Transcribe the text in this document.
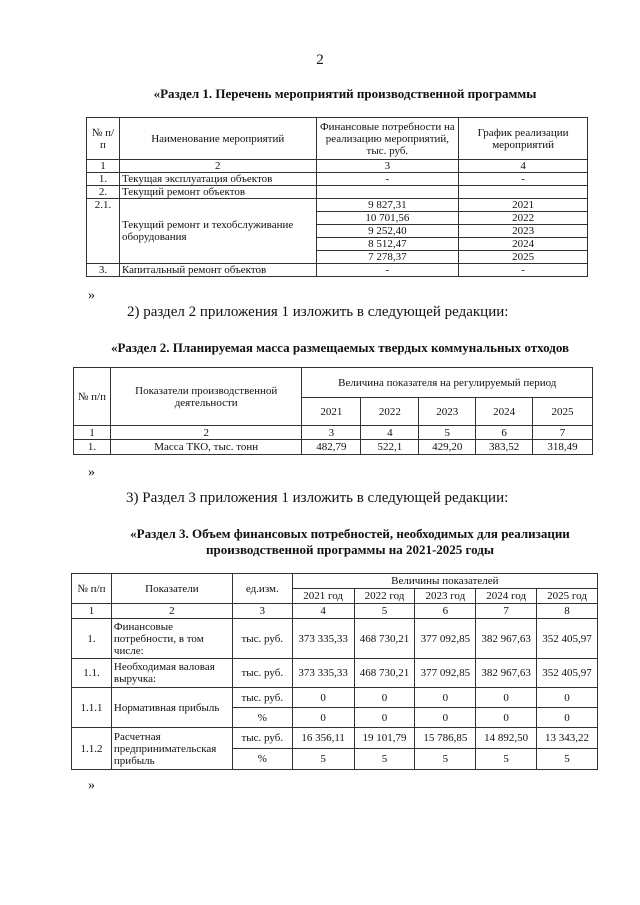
2
«Раздел 1. Перечень мероприятий производственной программы
№ п/п	Наименование мероприятий	Финансовые потребности на реализацию мероприятий, тыс. руб.	График реализации мероприятий
1	2	3	4
1.	Текущая эксплуатация объектов	-	-
2.	Текущий ремонт объектов		
2.1.	Текущий ремонт и техобслуживание оборудования	9 827,31	2021
		10 701,56	2022
		9 252,40	2023
		8 512,47	2024
		7 278,37	2025
3.	Капитальный ремонт объектов	-	-
»
2) раздел 2 приложения 1 изложить в следующей редакции:
«Раздел 2. Планируемая масса размещаемых твердых коммунальных отходов
№ п/п	Показатели производственной деятельности	Величина показателя на регулируемый период				
		2021	2022	2023	2024	2025
1	2	3	4	5	6	7
1.	Масса ТКО, тыс. тонн	482,79	522,1	429,20	383,52	318,49
»
3) Раздел 3 приложения 1 изложить в следующей редакции:
«Раздел 3. Объем финансовых потребностей, необходимых для реализации
производственной программы на 2021-2025 годы
№ п/п	Показатели	ед.изм.	Величины показателей				
			2021 год	2022 год	2023 год	2024 год	2025 год
1	2	3	4	5	6	7	8
1.	Финансовые потребности, в том числе:	тыс. руб.	373 335,33	468 730,21	377 092,85	382 967,63	352 405,97
1.1.	Необходимая валовая выручка:	тыс. руб.	373 335,33	468 730,21	377 092,85	382 967,63	352 405,97
1.1.1	Нормативная прибыль	тыс. руб.	0	0	0	0	0
		%	0	0	0	0	0
1.1.2	Расчетная предпринимательская прибыль	тыс. руб.	16 356,11	19 101,79	15 786,85	14 892,50	13 343,22
		%	5	5	5	5	5
»
